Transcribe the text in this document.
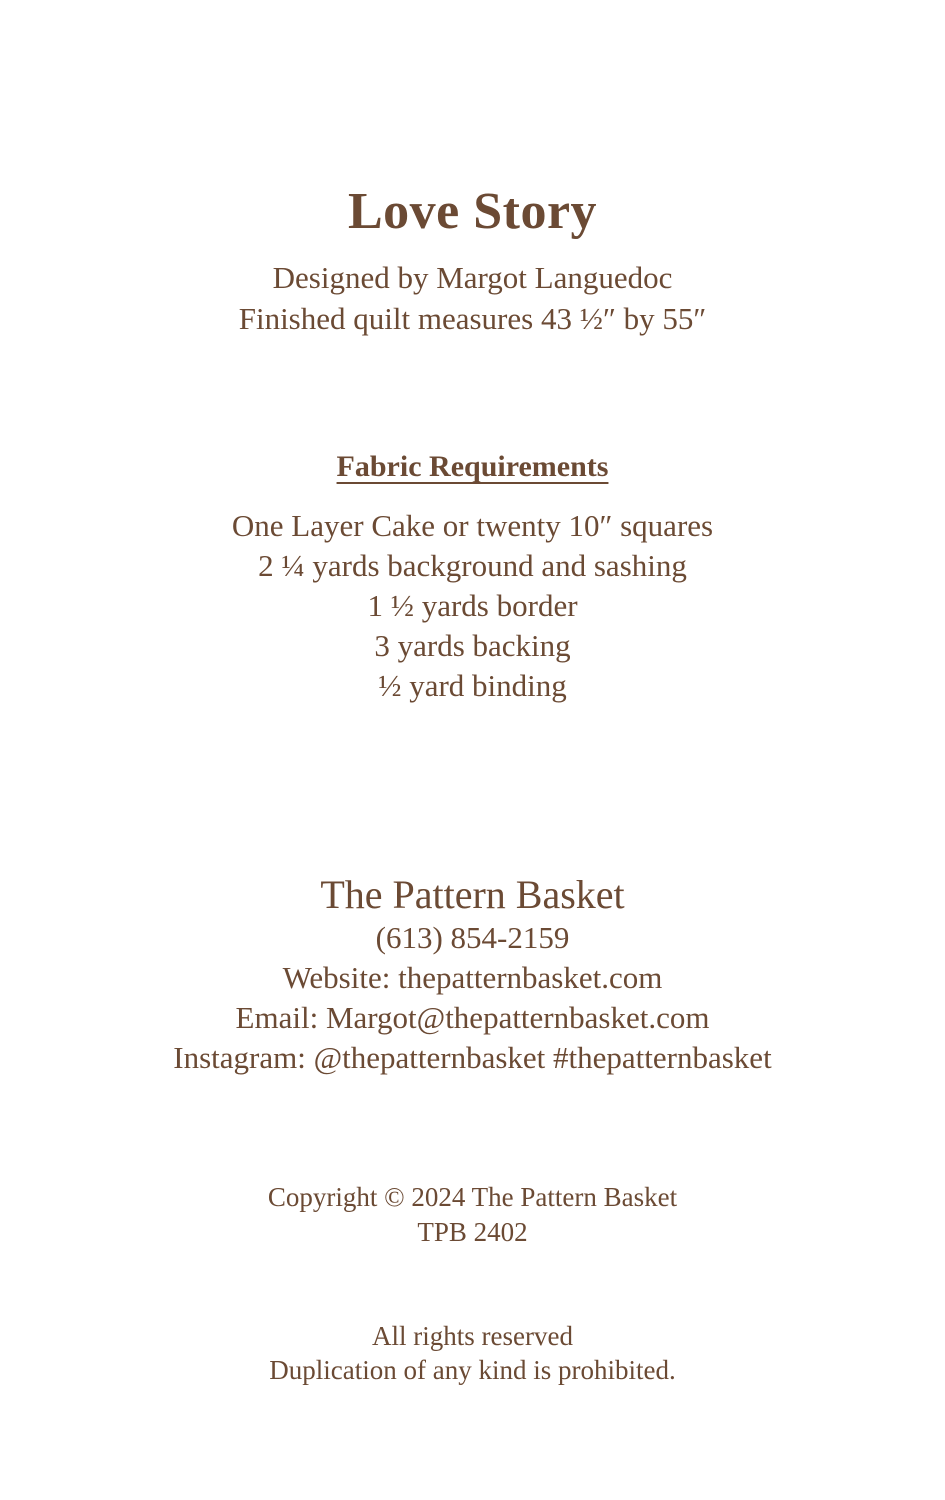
Love Story

Designed by Margot Languedoc

Finished quilt measures 43 ½″ by 55″

Fabric Requirements

One Layer Cake or twenty 10″ squares

2 ¼ yards background and sashing

1 ½ yards border

3 yards backing

½ yard binding

The Pattern Basket

(613) 854-2159

Website: thepatternbasket.com

Email: Margot@thepatternbasket.com

Instagram: @thepatternbasket #thepatternbasket

Copyright © 2024 The Pattern Basket

TPB 2402

All rights reserved

Duplication of any kind is prohibited.
